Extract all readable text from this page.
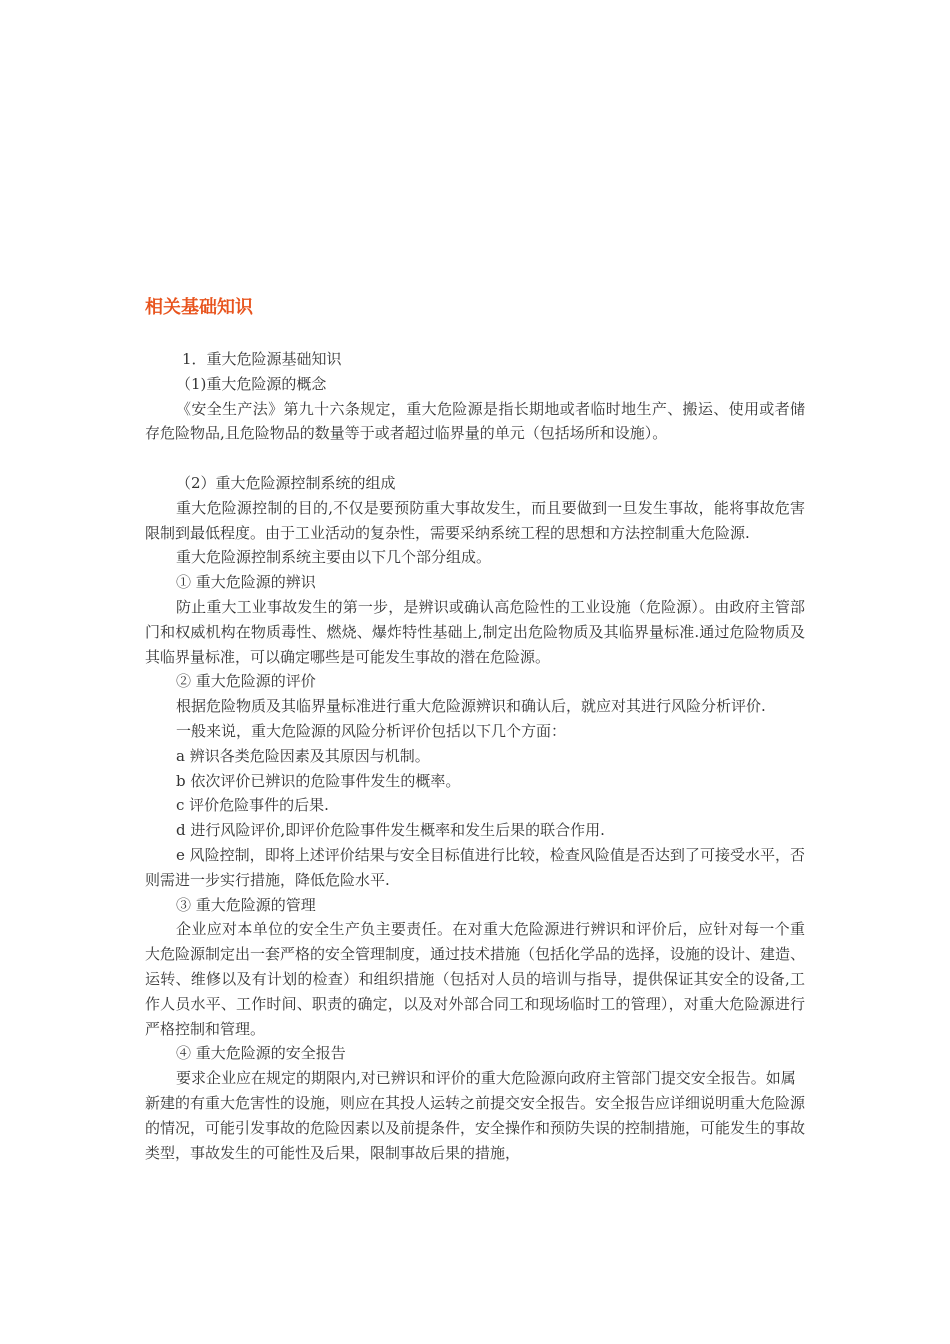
相关基础知识

1．重大危险源基础知识

（1)重大危险源的概念

《安全生产法》第九十六条规定，重大危险源是指长期地或者临时地生产、搬运、使用或者储存危险物品,且危险物品的数量等于或者超过临界量的单元（包括场所和设施）。

（2）重大危险源控制系统的组成

重大危险源控制的目的,不仅是要预防重大事故发生，而且要做到一旦发生事故，能将事故危害限制到最低程度。由于工业活动的复杂性，需要采纳系统工程的思想和方法控制重大危险源.

重大危险源控制系统主要由以下几个部分组成。

① 重大危险源的辨识

防止重大工业事故发生的第一步，是辨识或确认高危险性的工业设施（危险源）。由政府主管部门和权威机构在物质毒性、燃烧、爆炸特性基础上,制定出危险物质及其临界量标准.通过危险物质及其临界量标准，可以确定哪些是可能发生事故的潜在危险源。

② 重大危险源的评价

根据危险物质及其临界量标准进行重大危险源辨识和确认后，就应对其进行风险分析评价.

一般来说，重大危险源的风险分析评价包括以下几个方面：

a 辨识各类危险因素及其原因与机制。

b 依次评价已辨识的危险事件发生的概率。

c 评价危险事件的后果.

d 进行风险评价,即评价危险事件发生概率和发生后果的联合作用.

e 风险控制，即将上述评价结果与安全目标值进行比较，检查风险值是否达到了可接受水平，否则需进一步实行措施，降低危险水平.

③ 重大危险源的管理

企业应对本单位的安全生产负主要责任。在对重大危险源进行辨识和评价后，应针对每一个重大危险源制定出一套严格的安全管理制度，通过技术措施（包括化学品的选择，设施的设计、建造、运转、维修以及有计划的检查）和组织措施（包括对人员的培训与指导，提供保证其安全的设备,工作人员水平、工作时间、职责的确定，以及对外部合同工和现场临时工的管理），对重大危险源进行严格控制和管理。

④ 重大危险源的安全报告

要求企业应在规定的期限内,对已辨识和评价的重大危险源向政府主管部门提交安全报告。如属新建的有重大危害性的设施，则应在其投人运转之前提交安全报告。安全报告应详细说明重大危险源的情况，可能引发事故的危险因素以及前提条件，安全操作和预防失误的控制措施，可能发生的事故类型，事故发生的可能性及后果，限制事故后果的措施，
